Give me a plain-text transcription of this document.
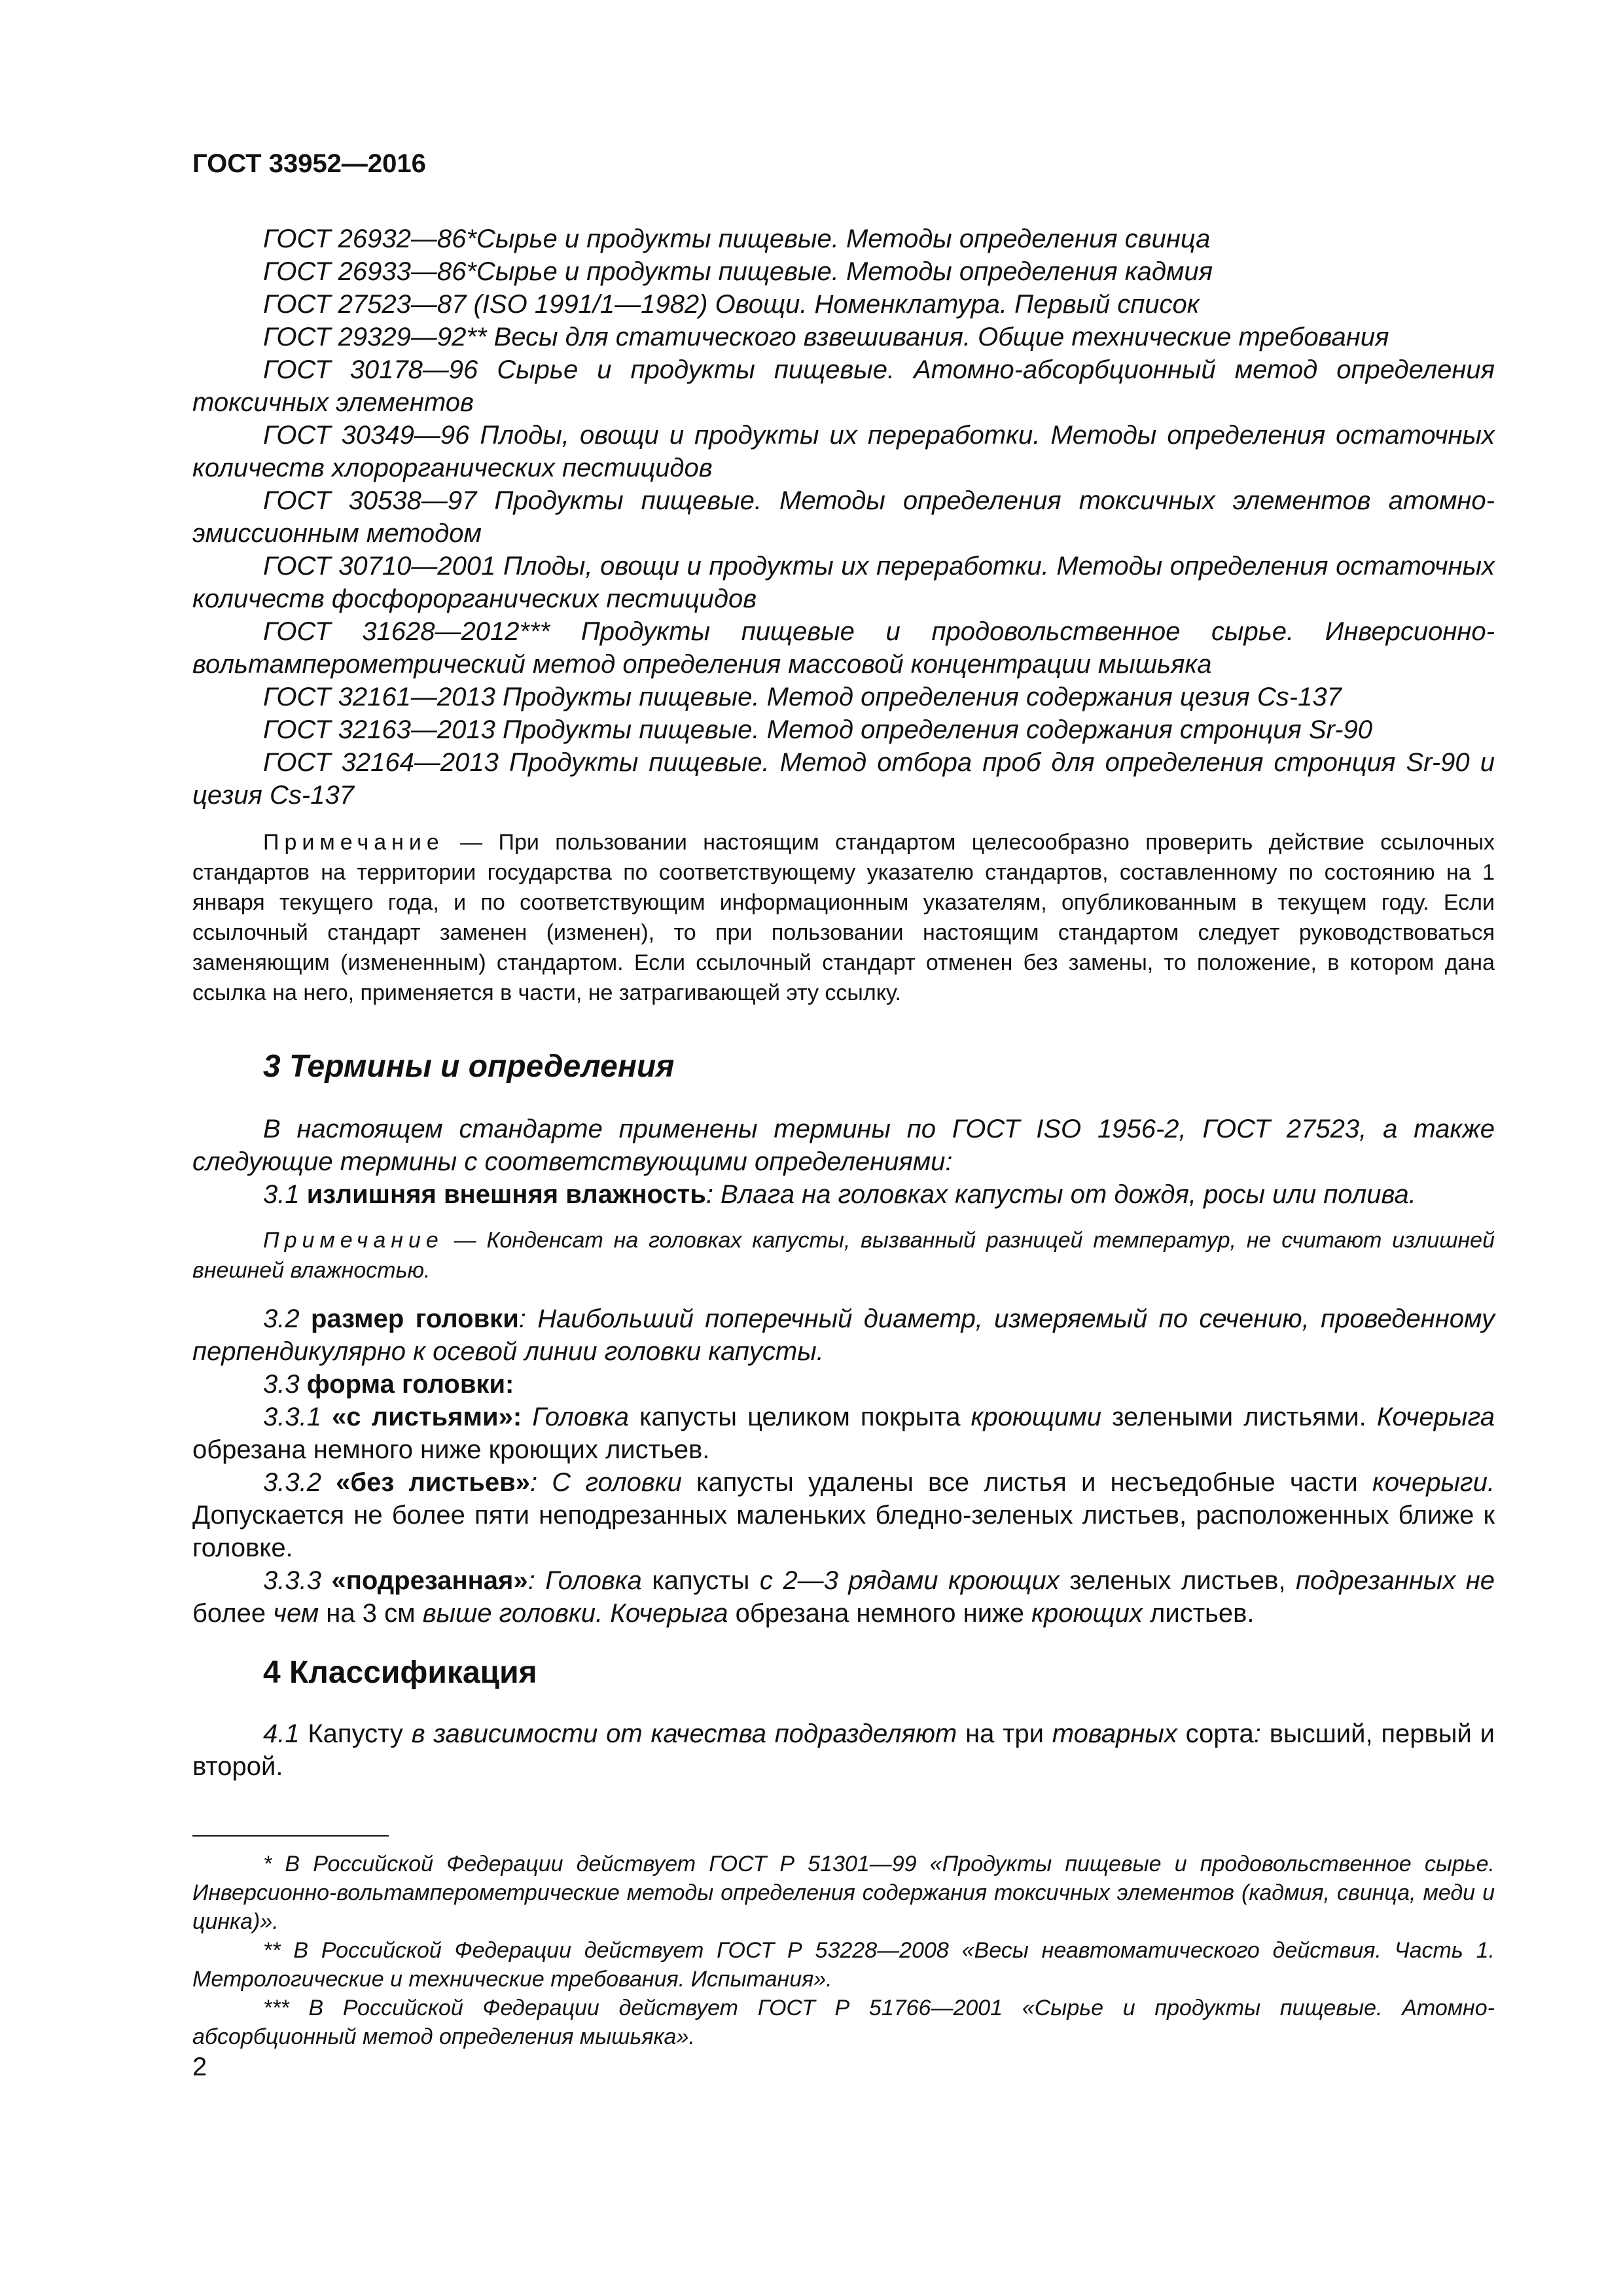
ГОСТ 33952—2016

ГОСТ 26932—86*Сырье и продукты пищевые. Методы определения свинца

ГОСТ 26933—86*Сырье и продукты пищевые. Методы определения кадмия

ГОСТ 27523—87 (ISO 1991/1—1982) Овощи. Номенклатура. Первый список

ГОСТ 29329—92** Весы для статического взвешивания. Общие технические требования

ГОСТ 30178—96 Сырье и продукты пищевые. Атомно-абсорбционный метод определения токсичных элементов

ГОСТ 30349—96 Плоды, овощи и продукты их переработки. Методы определения остаточных количеств хлорорганических пестицидов

ГОСТ 30538—97 Продукты пищевые. Методы определения токсичных элементов атомно-эмиссионным методом

ГОСТ 30710—2001 Плоды, овощи и продукты их переработки. Методы определения остаточных количеств фосфорорганических пестицидов

ГОСТ 31628—2012*** Продукты пищевые и продовольственное сырье. Инверсионно-вольтамперометрический метод определения массовой концентрации мышьяка

ГОСТ 32161—2013 Продукты пищевые. Метод определения содержания цезия Cs-137

ГОСТ 32163—2013 Продукты пищевые. Метод определения содержания стронция Sr-90

ГОСТ 32164—2013 Продукты пищевые. Метод отбора проб для определения стронция Sr-90 и цезия Cs-137

Примечание — При пользовании настоящим стандартом целесообразно проверить действие ссылочных стандартов на территории государства по соответствующему указателю стандартов, составленному по состоянию на 1 января текущего года, и по соответствующим информационным указателям, опубликованным в текущем году. Если ссылочный стандарт заменен (изменен), то при пользовании настоящим стандартом следует руководствоваться заменяющим (измененным) стандартом. Если ссылочный стандарт отменен без замены, то положение, в котором дана ссылка на него, применяется в части, не затрагивающей эту ссылку.

3 Термины и определения

В настоящем стандарте применены термины по ГОСТ ISO 1956-2, ГОСТ 27523, а также следующие термины с соответствующими определениями:

3.1 излишняя внешняя влажность: Влага на головках капусты от дождя, росы или полива.

Примечание — Конденсат на головках капусты, вызванный разницей температур, не считают излишней внешней влажностью.

3.2 размер головки: Наибольший поперечный диаметр, измеряемый по сечению, проведенному перпендикулярно к осевой линии головки капусты.

3.3 форма головки:

3.3.1 «с листьями»: Головка капусты целиком покрыта кроющими зелеными листьями. Кочерыга обрезана немного ниже кроющих листьев.

3.3.2 «без листьев»: С головки капусты удалены все листья и несъедобные части кочерыги. Допускается не более пяти неподрезанных маленьких бледно-зеленых листьев, расположенных ближе к головке.

3.3.3 «подрезанная»: Головка капусты с 2—3 рядами кроющих зеленых листьев, подрезанных не более чем на 3 см выше головки. Кочерыга обрезана немного ниже кроющих листьев.

4 Классификация

4.1 Капусту в зависимости от качества подразделяют на три товарных сорта: высший, первый и второй.

* В Российской Федерации действует ГОСТ Р 51301—99 «Продукты пищевые и продовольственное сырье. Инверсионно-вольтамперометрические методы определения содержания токсичных элементов (кадмия, свинца, меди и цинка)».

** В Российской Федерации действует ГОСТ Р 53228—2008 «Весы неавтоматического действия. Часть 1. Метрологические и технические требования. Испытания».

*** В Российской Федерации действует ГОСТ Р 51766—2001 «Сырье и продукты пищевые. Атомно-абсорбционный метод определения мышьяка».

2
